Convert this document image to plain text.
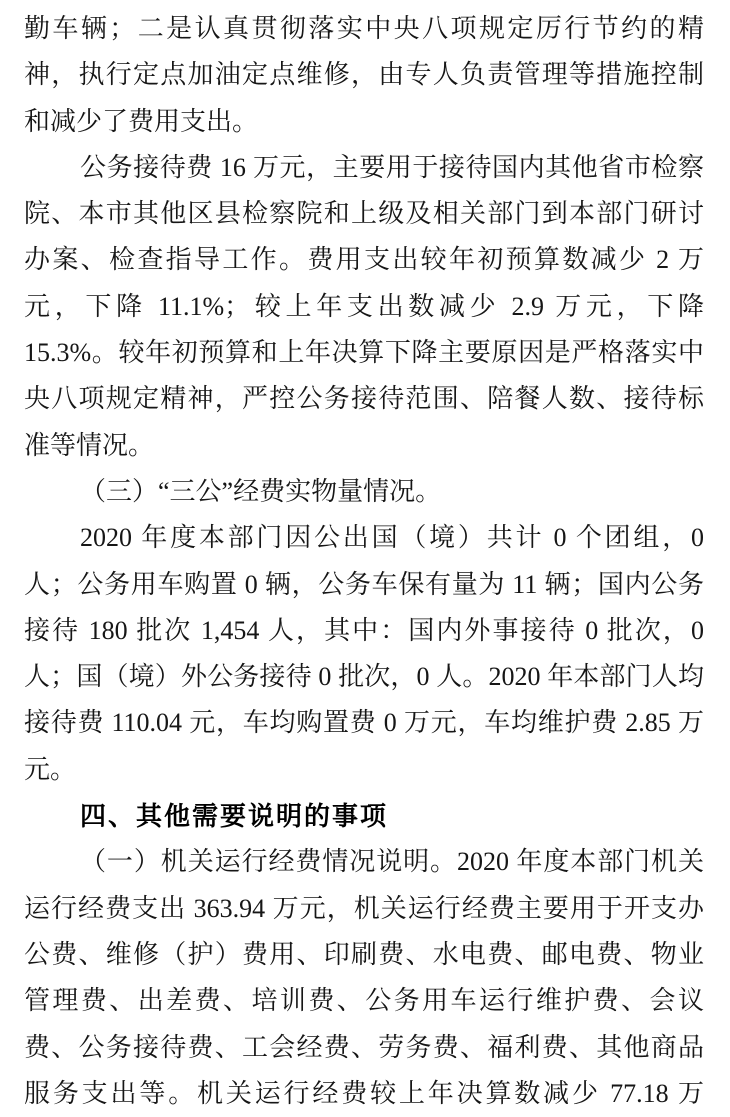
勤车辆；二是认真贯彻落实中央八项规定厉行节约的精
神，执行定点加油定点维修，由专人负责管理等措施控制
和减少了费用支出。
公务接待费 16 万元，主要用于接待国内其他省市检察
院、本市其他区县检察院和上级及相关部门到本部门研讨
办案、检查指导工作。费用支出较年初预算数减少 2 万
元，下降 11.1%；较上年支出数减少 2.9 万元，下降
15.3%。较年初预算和上年决算下降主要原因是严格落实中
央八项规定精神，严控公务接待范围、陪餐人数、接待标
准等情况。
（三）“三公”经费实物量情况。
2020 年度本部门因公出国（境）共计 0 个团组，0
人；公务用车购置 0 辆，公务车保有量为 11 辆；国内公务
接待 180 批次 1,454 人，其中：国内外事接待 0 批次，0
人；国（境）外公务接待 0 批次，0 人。2020 年本部门人均
接待费 110.04 元，车均购置费 0 万元，车均维护费 2.85 万
元。
四、其他需要说明的事项
（一）机关运行经费情况说明。2020 年度本部门机关
运行经费支出 363.94 万元，机关运行经费主要用于开支办
公费、维修（护）费用、印刷费、水电费、邮电费、物业
管理费、出差费、培训费、公务用车运行维护费、会议
费、公务接待费、工会经费、劳务费、福利费、其他商品
服务支出等。机关运行经费较上年决算数减少 77.18 万
